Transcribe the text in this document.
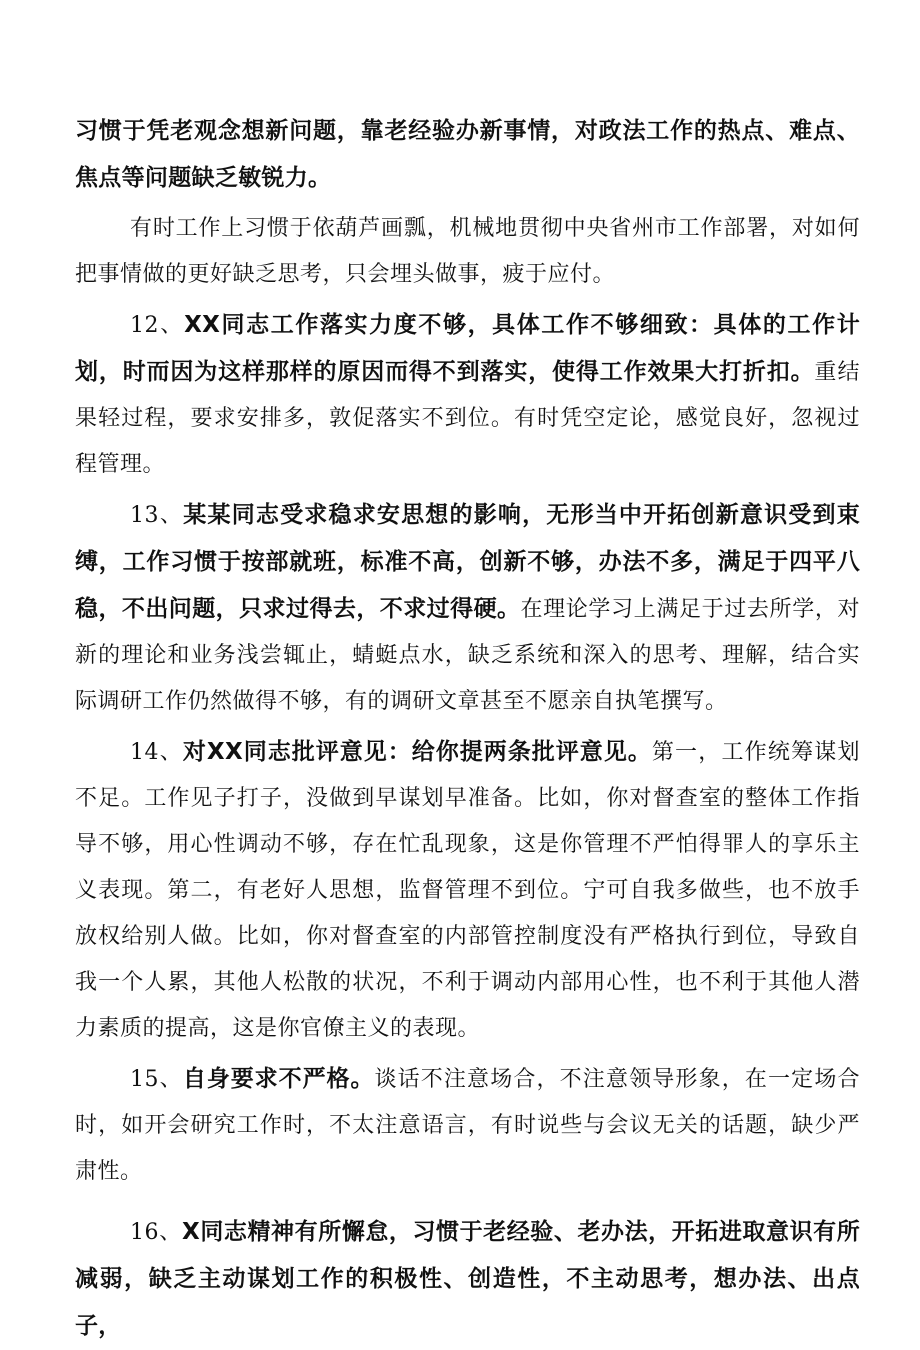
习惯于凭老观念想新问题，靠老经验办新事情，对政法工作的热点、难点、焦点等问题缺乏敏锐力。

有时工作上习惯于依葫芦画瓢，机械地贯彻中央省州市工作部署，对如何把事情做的更好缺乏思考，只会埋头做事，疲于应付。

12、XX同志工作落实力度不够，具体工作不够细致：具体的工作计划，时而因为这样那样的原因而得不到落实，使得工作效果大打折扣。重结果轻过程，要求安排多，敦促落实不到位。有时凭空定论，感觉良好，忽视过程管理。

13、某某同志受求稳求安思想的影响，无形当中开拓创新意识受到束缚，工作习惯于按部就班，标准不高，创新不够，办法不多，满足于四平八稳，不出问题，只求过得去，不求过得硬。在理论学习上满足于过去所学，对新的理论和业务浅尝辄止，蜻蜓点水，缺乏系统和深入的思考、理解，结合实际调研工作仍然做得不够，有的调研文章甚至不愿亲自执笔撰写。

14、对XX同志批评意见：给你提两条批评意见。第一，工作统筹谋划不足。工作见子打子，没做到早谋划早准备。比如，你对督查室的整体工作指导不够，用心性调动不够，存在忙乱现象，这是你管理不严怕得罪人的享乐主义表现。第二，有老好人思想，监督管理不到位。宁可自我多做些，也不放手放权给别人做。比如，你对督查室的内部管控制度没有严格执行到位，导致自我一个人累，其他人松散的状况，不利于调动内部用心性，也不利于其他人潜力素质的提高，这是你官僚主义的表现。

15、自身要求不严格。谈话不注意场合，不注意领导形象，在一定场合时，如开会研究工作时，不太注意语言，有时说些与会议无关的话题，缺少严肃性。

16、X同志精神有所懈怠，习惯于老经验、老办法，开拓进取意识有所减弱，缺乏主动谋划工作的积极性、创造性，不主动思考，想办法、出点子，
